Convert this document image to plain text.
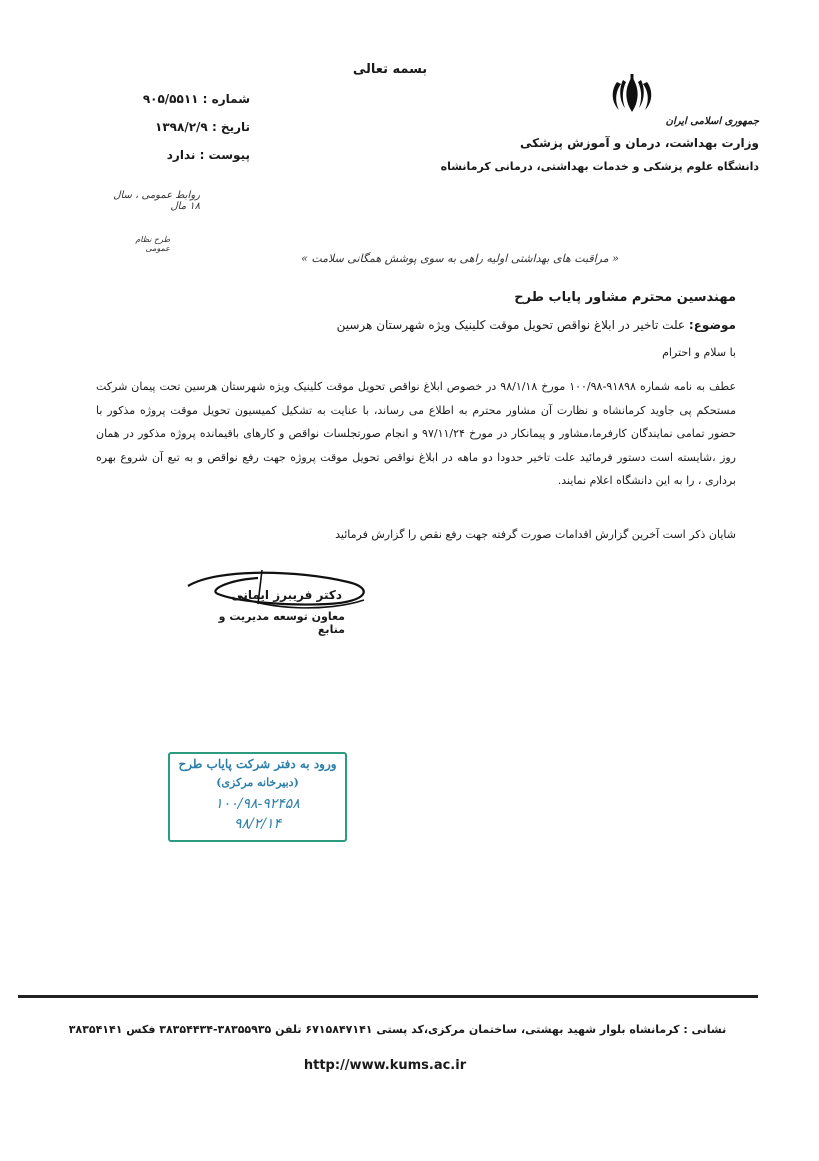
بسمه تعالی
جمهوری اسلامی ایران
وزارت بهداشت، درمان و آموزش پزشکی
دانشگاه علوم پزشکی و خدمات بهداشتی، درمانی کرمانشاه
شماره : ۹۰۵/۵۵۱۱
تاریخ : ۱۳۹۸/۲/۹
پیوست : ندارد
روابط عمومی ، سال ۱۸ مال
طرح نظام عمومی
« مراقبت های بهداشتی اولیه راهی به سوی پوشش همگانی سلامت »
مهندسین محترم مشاور پایاب طرح
موضوع: علت تاخیر در ابلاغ نواقص تحویل موقت کلینیک ویژه شهرستان هرسین
با سلام و احترام
عطف به نامه شماره ۹۱۸۹۸-۱۰۰/۹۸ مورخ ۹۸/۱/۱۸ در خصوص ابلاغ نواقص تحویل موقت کلینیک ویژه شهرستان هرسین تحت پیمان شرکت مستحکم پی جاوید کرمانشاه و نظارت آن مشاور محترم به اطلاع می رساند، با عنایت به تشکیل کمیسیون تحویل موقت پروژه مذکور با حضور تمامی نمایندگان کارفرما،مشاور و پیمانکار در مورخ ۹۷/۱۱/۲۴ و انجام صورتجلسات نواقص و کارهای باقیمانده پروژه مذکور در همان روز ،شایسته است دستور فرمائید علت تاخیر حدودا دو ماهه در ابلاغ نواقص تحویل موقت پروژه جهت رفع نواقص و به تبع آن شروع بهره برداری ، را به این دانشگاه اعلام نمایند.
شایان ذکر است آخرین گزارش اقدامات صورت گرفته جهت رفع نقص را گزارش فرمائید
دکتر فریبرز ایمانی
معاون توسعه مدیریت و منابع
ورود به دفتر شرکت پایاب طرح
(دبیرخانه مرکزی)
۱۰۰/۹۸-۹۲۴۵۸
۹۸/۲/۱۴
نشانی : کرمانشاه بلوار شهید بهشتی، ساختمان مرکزی،کد پستی ۶۷۱۵۸۴۷۱۴۱ تلفن ۳۸۳۵۵۹۳۵-۳۸۳۵۴۴۳۴ فکس ۳۸۳۵۴۱۴۱
http://www.kums.ac.ir
